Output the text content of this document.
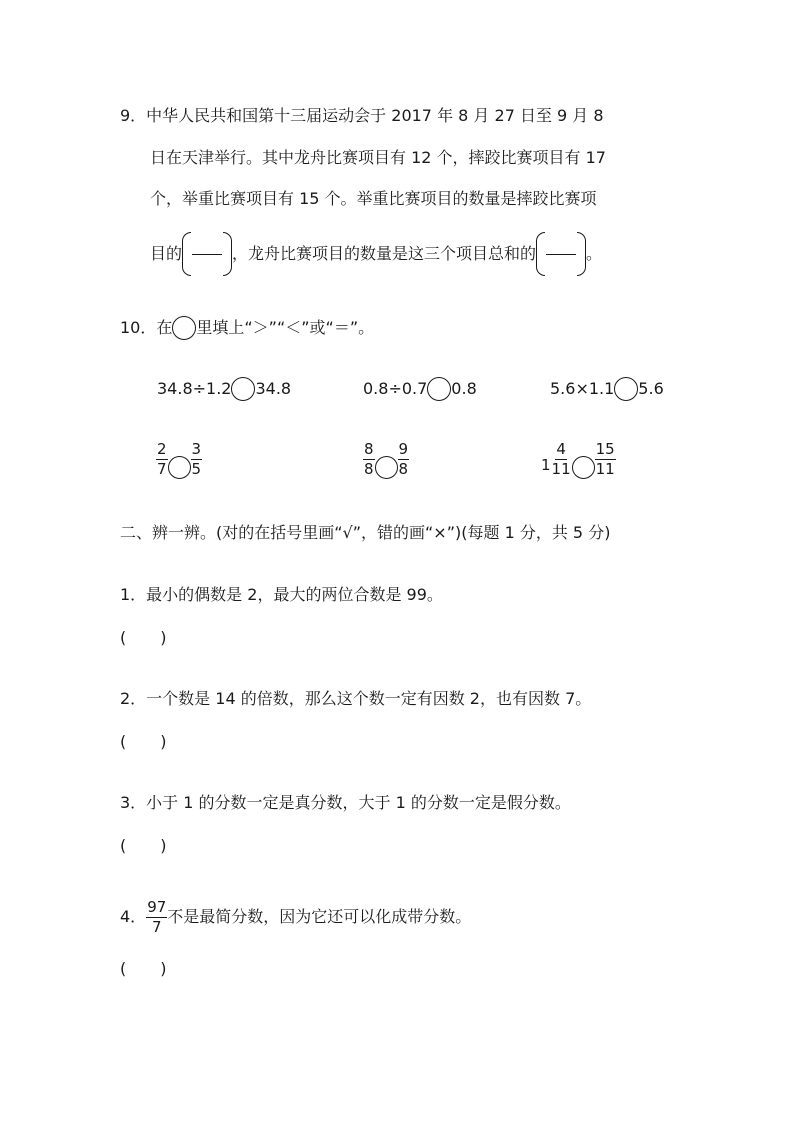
9．中华人民共和国第十三届运动会于 2017 年 8 月 27 日至 9 月 8
日在天津举行。其中龙舟比赛项目有 12 个，摔跤比赛项目有 17
个，举重比赛项目有 15 个。举重比赛项目的数量是摔跤比赛项
目的	，龙舟比赛项目的数量是这三个项目总和的	。
10．在 里填上“＞”“＜”或“＝”。
34.8÷1.2 34.8	0.8÷0.7 0.8	5.6×1.1 5.6
$\frac{2}{7} \frac{3}{5}$	$\frac{8}{8} \frac{9}{8}$	$1 \frac{4}{11} \frac{15}{11}$
二、辨一辨。(对的在括号里画“√”，错的画“×”)(每题 1 分，共 5 分)
1．最小的偶数是 2，最大的两位合数是 99。
( )
2．一个数是 14 的倍数，那么这个数一定有因数 2，也有因数 7。
( )
3．小于 1 的分数一定是真分数，大于 1 的分数一定是假分数。
( )
4． $\frac{97}{7}$ 不是最简分数，因为它还可以化成带分数。
( )
